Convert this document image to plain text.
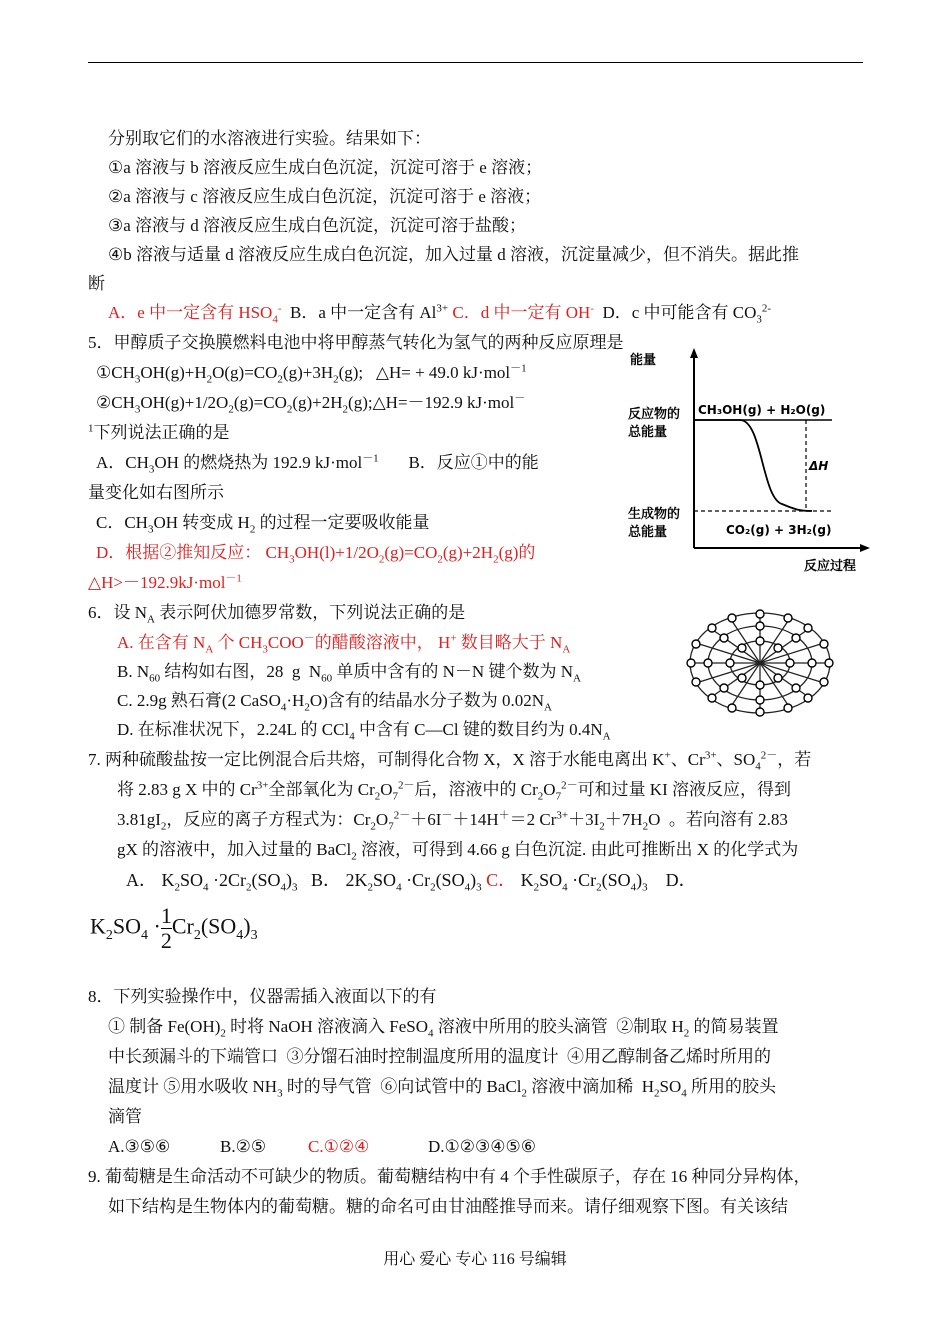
分别取它们的水溶液进行实验。结果如下：
①a 溶液与 b 溶液反应生成白色沉淀，沉淀可溶于 e 溶液；
②a 溶液与 c 溶液反应生成白色沉淀，沉淀可溶于 e 溶液；
③a 溶液与 d 溶液反应生成白色沉淀，沉淀可溶于盐酸；
④b 溶液与适量 d 溶液反应生成白色沉淀，加入过量 d 溶液，沉淀量减少，但不消失。据此推
断
A．e 中一定含有 $HSO_4^-$  B．a 中一定含有 $Al^{3+}$ C．d 中一定有 OH-  D．c 中可能含有 $CO_3^{2-}$
5．甲醇质子交换膜燃料电池中将甲醇蒸气转化为氢气的两种反应原理是
$①CH_3OH(g)+H_2O(g)=CO_2(g)+3H_2(g)$;   △H= + 49.0 kJ·mol$^{-1}$
$②CH_3OH(g)+1/2O_2(g)=CO_2(g)+2H_2(g);\triangle H=-192.9$ kJ·mol－
$^1$下列说法正确的是
A．$CH_3OH$ 的燃烧热为 192.9 kJ·mol$^{-1}$       B．反应①中的能
量变化如右图所示
C．$CH_3OH$ 转变成 $H_2$ 的过程一定要吸收能量
D．根据②推知反应： $CH_3OH(l)+1/2O_2(g)=CO_2(g)+2H_2(g)$的
△H>－192.9kJ·mol$^{-1}$
能量
反应物的
总能量
CH₃OH(g) + H₂O(g)
ΔH
生成物的
总能量	CO₂(g) + 3H₂(g)
反应过程
6．设 $N_A$ 表示阿伏加德罗常数，下列说法正确的是
A. 在含有 $N_A$ 个 $CH_3COO^-$的醋酸溶液中， H+ 数目略大于 $N_A$
B. $N_{60}$ 结构如右图，28  g  $N_{60}$ 单质中含有的 N－N 键个数为 $N_A$
C. 2.9g 熟石膏(2 $CaSO_4\cdot H_2O$)含有的结晶水分子数为 $0.02N_A$
D. 在标准状况下，2.24L 的 CCl$_4$ 中含有 C—Cl 键的数目约为 $0.4N_A$
7. 两种硫酸盐按一定比例混合后共熔，可制得化合物 X，X 溶于水能电离出 K+、$Cr^{3+}$、$SO_4^{2-}$，若
将 2.83 g X 中的 $Cr^{3+}$全部氧化为 $Cr_2O_7^{2-}$后，溶液中的 $Cr_2O_7^{2-}$可和过量 KI 溶液反应，得到
$3.81gI_2$，反应的离子方程式为：$Cr_2O_7^{2-}+6I^-+14H^+=2$ $Cr^{3+}+3I_2+7H_2O$  。若向溶有 2.83
gX 的溶液中，加入过量的 BaCl$_2$ 溶液，可得到 4.66 g 白色沉淀. 由此可推断出 X 的化学式为
A． $K_2SO_4 \cdot 2Cr_2(SO_4)_3$   B． $2K_2SO_4 \cdot Cr_2(SO_4)_3$ C． $K_2SO_4 \cdot Cr_2(SO_4)_3$    D．
$K_2SO_4 \cdot \frac{1}{2} Cr_2(SO_4)_3$
8．下列实验操作中，仪器需插入液面以下的有
① 制备 $Fe(OH)_2$ 时将 NaOH 溶液滴入 FeSO$_4$ 溶液中所用的胶头滴管  ②制取 $H_2$ 的简易装置
中长颈漏斗的下端管口  ③分馏石油时控制温度所用的温度计  ④用乙醇制备乙烯时所用的
温度计 ⑤用水吸收 $NH_3$ 时的导气管  ⑥向试管中的 BaCl$_2$ 溶液中滴加稀  $H_2SO_4$ 所用的胶头
滴管
A.③⑤⑥	B.②⑤ C.①②④	D.①②③④⑤⑥
9. 葡萄糖是生命活动不可缺少的物质。葡萄糖结构中有 4 个手性碳原子，存在 16 种同分异构体，
如下结构是生物体内的葡萄糖。糖的命名可由甘油醛推导而来。请仔细观察下图。有关该结
用心 爱心 专心 116 号编辑
